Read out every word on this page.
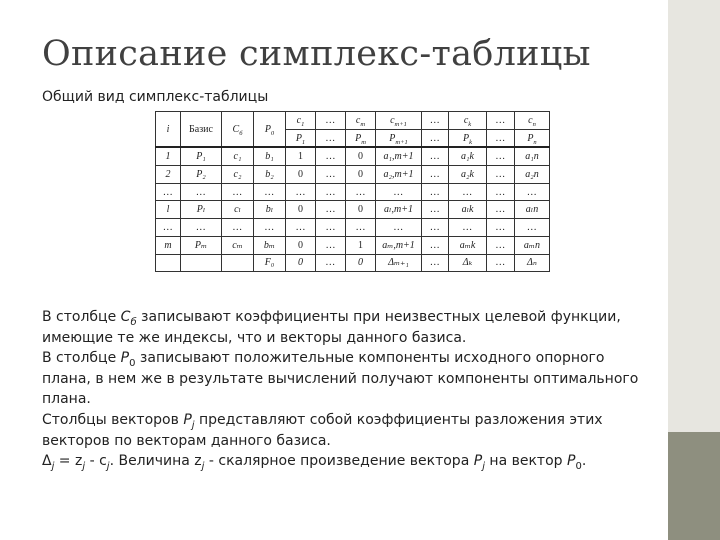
Описание симплекс-таблицы
Общий вид симплекс-таблицы
i	Базис	$C_б$	$P_0$	$c_1$	…	$c_m$	$c_{m+1}$	…	$c_k$	…	$c_n$
				$P_1$	…	$P_m$	$P_{m+1}$	…	$P_k$	…	$P_n$
1	P₁	c₁	b₁	1	…	0	a₁,m+1	…	a₁k	…	a₁n
2	P₂	c₂	b₂	0	…	0	a₂,m+1	…	a₂k	…	a₂n
…	…	…	…	…	…	…	…	…	…	…	…
l	Pₗ	cₗ	bₗ	0	…	0	aₗ,m+1	…	aₗk	…	aₗn
…	…	…	…	…	…	…	…	…	…	…	…
m	Pₘ	cₘ	bₘ	0	…	1	aₘ,m+1	…	aₘk	…	aₘn
			F₀	0	…	0	Δₘ₊₁	…	Δₖ	…	Δₙ

В столбце $C_б$ записывают коэффициенты при неизвестных целевой функции, имеющие те же индексы, что и векторы данного базиса.

В столбце $P_0$ записывают положительные компоненты исходного опорного плана, в нем же в результате вычислений получают компоненты оптимального плана.

Столбцы векторов $P_j$ представляют собой коэффициенты разложения этих векторов по векторам данного базиса.

$\Delta_j = z_j - c_j$. Величина $z_j$ - скалярное произведение вектора $P_j$ на вектор $P_0$.
